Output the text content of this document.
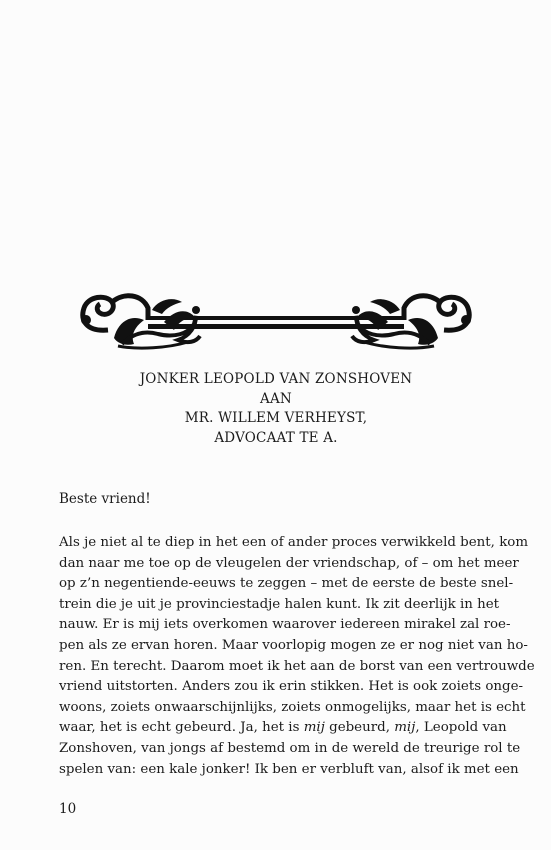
JONKER LEOPOLD VAN ZONSHOVEN
AAN
MR. WILLEM VERHEYST,
ADVOCAAT TE A.
Beste vriend!
Als je niet al te diep in het een of ander proces verwikkeld bent, kom
dan naar me toe op de vleugelen der vriendschap, of – om het meer
op z’n negentiende-eeuws te zeggen – met de eerste de beste snel-
trein die je uit je provinciestadje halen kunt. Ik zit deerlijk in het
nauw. Er is mij iets overkomen waarover iedereen mirakel zal roe-
pen als ze ervan horen. Maar voorlopig mogen ze er nog niet van ho-
ren. En terecht. Daarom moet ik het aan de borst van een vertrouwde
vriend uitstorten. Anders zou ik erin stikken. Het is ook zoiets onge-
woons, zoiets onwaarschijnlijks, zoiets onmogelijks, maar het is echt
waar, het is echt gebeurd. Ja, het is mij gebeurd, mij, Leopold van
Zonshoven, van jongs af bestemd om in de wereld de treurige rol te
spelen van: een kale jonker! Ik ben er verbluft van, alsof ik met een
10
